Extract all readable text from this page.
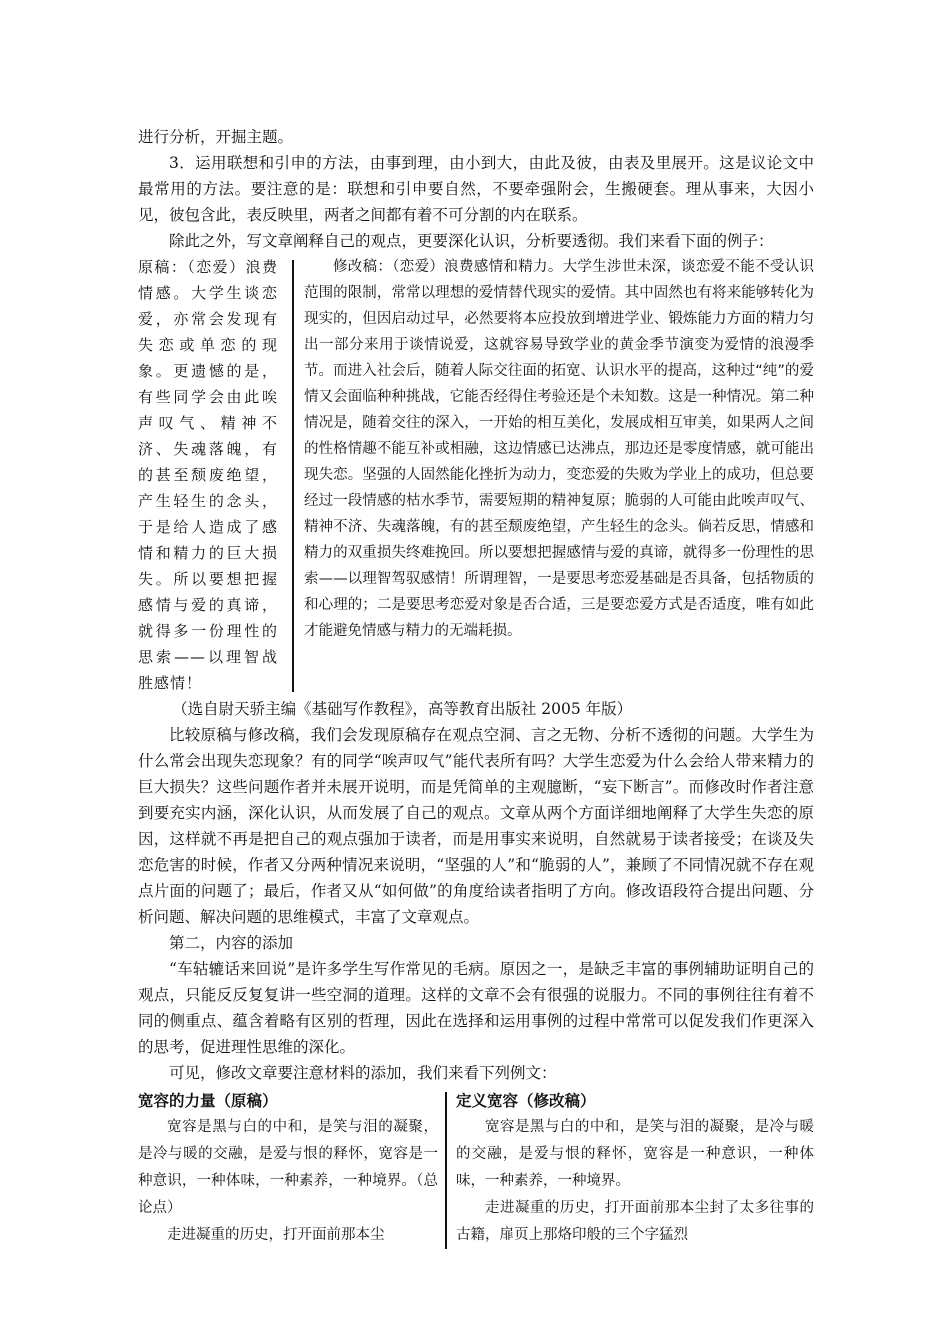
进行分析，开掘主题。

3．运用联想和引申的方法，由事到理，由小到大，由此及彼，由表及里展开。这是议论文中最常用的方法。要注意的是：联想和引申要自然，不要牵强附会，生搬硬套。理从事来，大因小见，彼包含此，表反映里，两者之间都有着不可分割的内在联系。

除此之外，写文章阐释自己的观点，更要深化认识，分析要透彻。我们来看下面的例子：

原稿：（恋爱）浪费情感。大学生谈恋爱，亦常会发现有失恋或单恋的现象。更遗憾的是，有些同学会由此唉声叹气、精神不济、失魂落魄，有的甚至颓废绝望，产生轻生的念头，于是给人造成了感情和精力的巨大损失。所以要想把握感情与爱的真谛，就得多一份理性的思索——以理智战胜感情！
修改稿：（恋爱）浪费感情和精力。大学生涉世未深，谈恋爱不能不受认识范围的限制，常常以理想的爱情替代现实的爱情。其中固然也有将来能够转化为现实的，但因启动过早，必然要将本应投放到增进学业、锻炼能力方面的精力匀出一部分来用于谈情说爱，这就容易导致学业的黄金季节演变为爱情的浪漫季节。而进入社会后，随着人际交往面的拓宽、认识水平的提高，这种过“纯”的爱情又会面临种种挑战，它能否经得住考验还是个未知数。这是一种情况。第二种情况是，随着交往的深入，一开始的相互美化，发展成相互审美，如果两人之间的性格情趣不能互补或相融，这边情感已达沸点，那边还是零度情感，就可能出现失恋。坚强的人固然能化挫折为动力，变恋爱的失败为学业上的成功，但总要经过一段情感的枯水季节，需要短期的精神复原；脆弱的人可能由此唉声叹气、精神不济、失魂落魄，有的甚至颓废绝望，产生轻生的念头。倘若反思，情感和精力的双重损失终难挽回。所以要想把握感情与爱的真谛，就得多一份理性的思索——以理智驾驭感情！所谓理智，一是要思考恋爱基础是否具备，包括物质的和心理的；二是要思考恋爱对象是否合适，三是要恋爱方式是否适度，唯有如此才能避免情感与精力的无端耗损。

（选自尉天骄主编《基础写作教程》，高等教育出版社 2005 年版）

比较原稿与修改稿，我们会发现原稿存在观点空洞、言之无物、分析不透彻的问题。大学生为什么常会出现失恋现象？有的同学“唉声叹气”能代表所有吗？大学生恋爱为什么会给人带来精力的巨大损失？这些问题作者并未展开说明，而是凭简单的主观臆断，“妄下断言”。而修改时作者注意到要充实内涵，深化认识，从而发展了自己的观点。文章从两个方面详细地阐释了大学生失恋的原因，这样就不再是把自己的观点强加于读者，而是用事实来说明，自然就易于读者接受；在谈及失恋危害的时候，作者又分两种情况来说明，“坚强的人”和“脆弱的人”，兼顾了不同情况就不存在观点片面的问题了；最后，作者又从“如何做”的角度给读者指明了方向。修改语段符合提出问题、分析问题、解决问题的思维模式，丰富了文章观点。

第二，内容的添加

“车轱辘话来回说”是许多学生写作常见的毛病。原因之一，是缺乏丰富的事例辅助证明自己的观点，只能反反复复讲一些空洞的道理。这样的文章不会有很强的说服力。不同的事例往往有着不同的侧重点、蕴含着略有区别的哲理，因此在选择和运用事例的过程中常常可以促发我们作更深入的思考，促进理性思维的深化。

可见，修改文章要注意材料的添加，我们来看下列例文：

宽容的力量（原稿）

宽容是黑与白的中和，是笑与泪的凝聚，是冷与暖的交融，是爱与恨的释怀，宽容是一种意识，一种体味，一种素养，一种境界。（总论点）

走进凝重的历史，打开面前那本尘

定义宽容（修改稿）

宽容是黑与白的中和，是笑与泪的凝聚，是冷与暖的交融，是爱与恨的释怀，宽容是一种意识，一种体味，一种素养，一种境界。

走进凝重的历史，打开面前那本尘封了太多往事的古籍，扉页上那烙印般的三个字猛烈
